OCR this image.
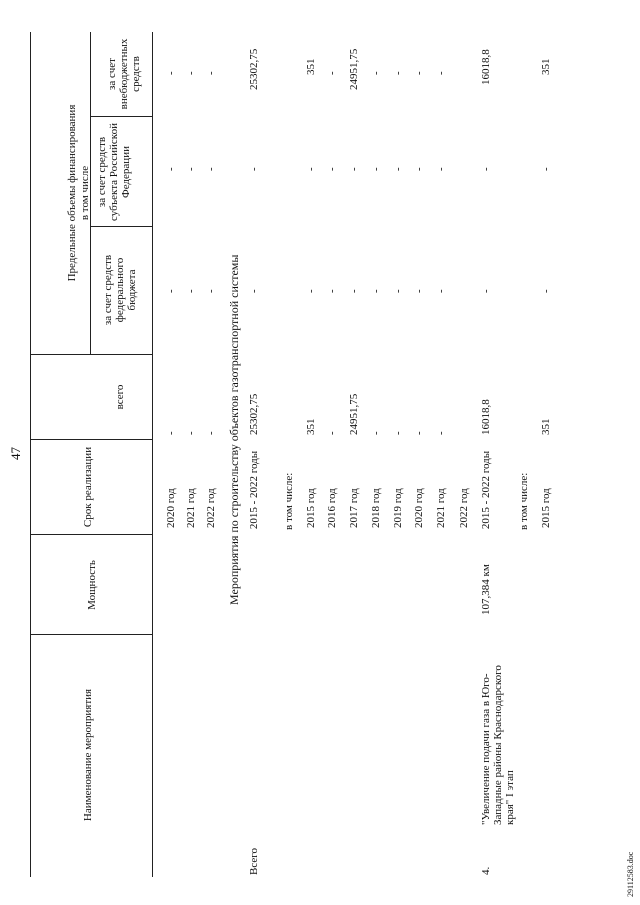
47
Наименование мероприятия
Мощность
Срок реализации
всего
Предельные объемы финансирования в том числе
за счет средств федерального бюджета
за счет средств субъекта Российской Федерации
за счет внебюджетных средств
2020 год
-
-
-
-
2021 год
-
-
-
-
2022 год
-
-
-
-
Мероприятия по строительству объектов газотранспортной системы
Всего
2015 - 2022 годы
25302,75
-
-
25302,75
в том числе: 2015 год
351
-
-
351
2016 год
-
-
-
-
2017 год
24951,75
-
-
24951,75
2018 год
-
-
-
-
2019 год
-
-
-
-
2020 год
-
-
-
-
2021 год
-
-
-
-
2022 год
4.
"Увеличение подачи газа в Юго-Западные районы Краснодарского края" I этап
107,384 км
2015 - 2022 годы
16018,8
-
-
16018,8
в том числе: 2015 год
351
-
-
351
29112583.doc
